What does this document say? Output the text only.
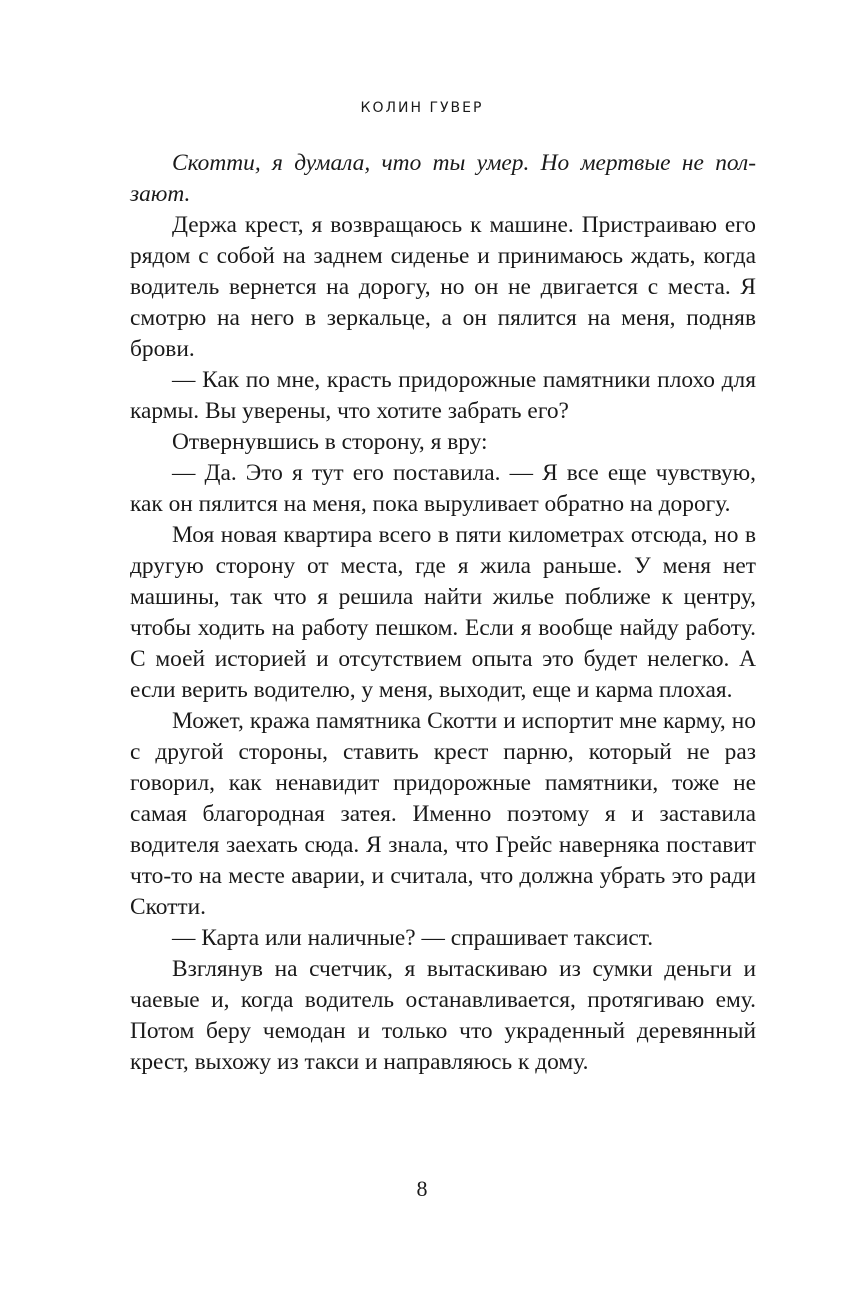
КОЛИН ГУВЕР

Скотти, я думала, что ты умер. Но мертвые не ползают.

Держа крест, я возвращаюсь к машине. Пристраиваю его рядом с собой на заднем сиденье и принимаюсь ждать, когда водитель вернется на дорогу, но он не двигается с места. Я смотрю на него в зеркальце, а он пялится на меня, подняв брови.

— Как по мне, красть придорожные памятники плохо для кармы. Вы уверены, что хотите забрать его?

Отвернувшись в сторону, я вру:

— Да. Это я тут его поставила. — Я все еще чувствую, как он пялится на меня, пока выруливает обратно на дорогу.

Моя новая квартира всего в пяти километрах отсюда, но в другую сторону от места, где я жила раньше. У меня нет машины, так что я решила найти жилье поближе к центру, чтобы ходить на работу пешком. Если я вообще найду работу. С моей историей и отсутствием опыта это будет нелегко. А если верить водителю, у меня, выходит, еще и карма плохая.

Может, кража памятника Скотти и испортит мне карму, но с другой стороны, ставить крест парню, который не раз говорил, как ненавидит придорожные памятники, тоже не самая благородная затея. Именно поэтому я и заставила водителя заехать сюда. Я знала, что Грейс наверняка поставит что-то на месте аварии, и считала, что должна убрать это ради Скотти.

— Карта или наличные? — спрашивает таксист.

Взглянув на счетчик, я вытаскиваю из сумки деньги и чаевые и, когда водитель останавливается, протягиваю ему. Потом беру чемодан и только что украденный деревянный крест, выхожу из такси и направляюсь к дому.

8
